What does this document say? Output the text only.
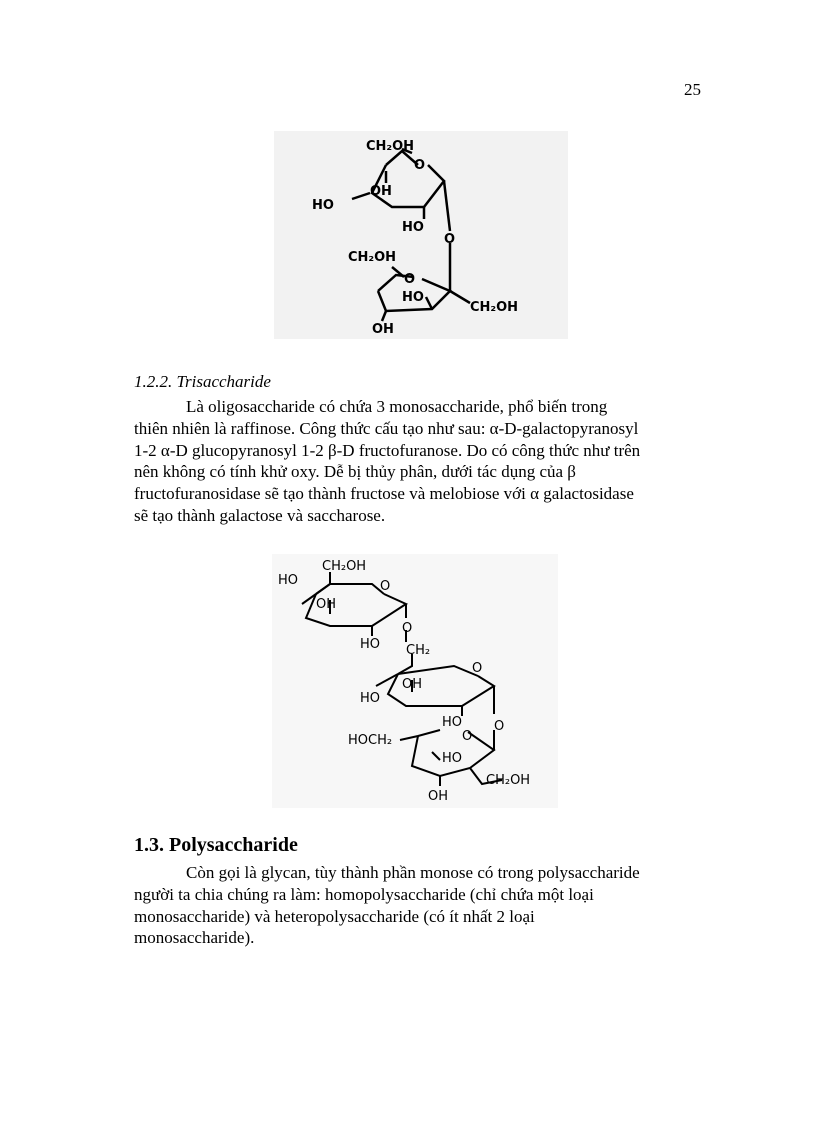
25
CH₂OH
O
OH
HO
HO
O
CH₂OH
O
HO
CH₂OH
OH
1.2.2. Trisaccharide
Là oligosaccharide có chứa 3 monosaccharide, phổ biến trong
thiên nhiên là raffinose. Công thức cấu tạo như sau: α-D-galactopyranosyl
1-2 α-D glucopyranosyl 1-2 β-D fructofuranose. Do có công thức như trên
nên không có tính khử oxy. Dễ bị thủy phân, dưới tác dụng của β
fructofuranosidase sẽ tạo thành fructose và melobiose với α galactosidase
sẽ tạo thành galactose và saccharose.
CH₂OH
HO	O
OH
HO
O
CH₂
O
HO
OH
HO O
HOCH₂	O
HO
CH₂OH
OH
1.3. Polysaccharide
Còn gọi là glycan, tùy thành phần monose có trong polysaccharide
người ta chia chúng ra làm: homopolysaccharide (chỉ chứa một loại
monosaccharide) và heteropolysaccharide (có ít nhất 2 loại
monosaccharide).
